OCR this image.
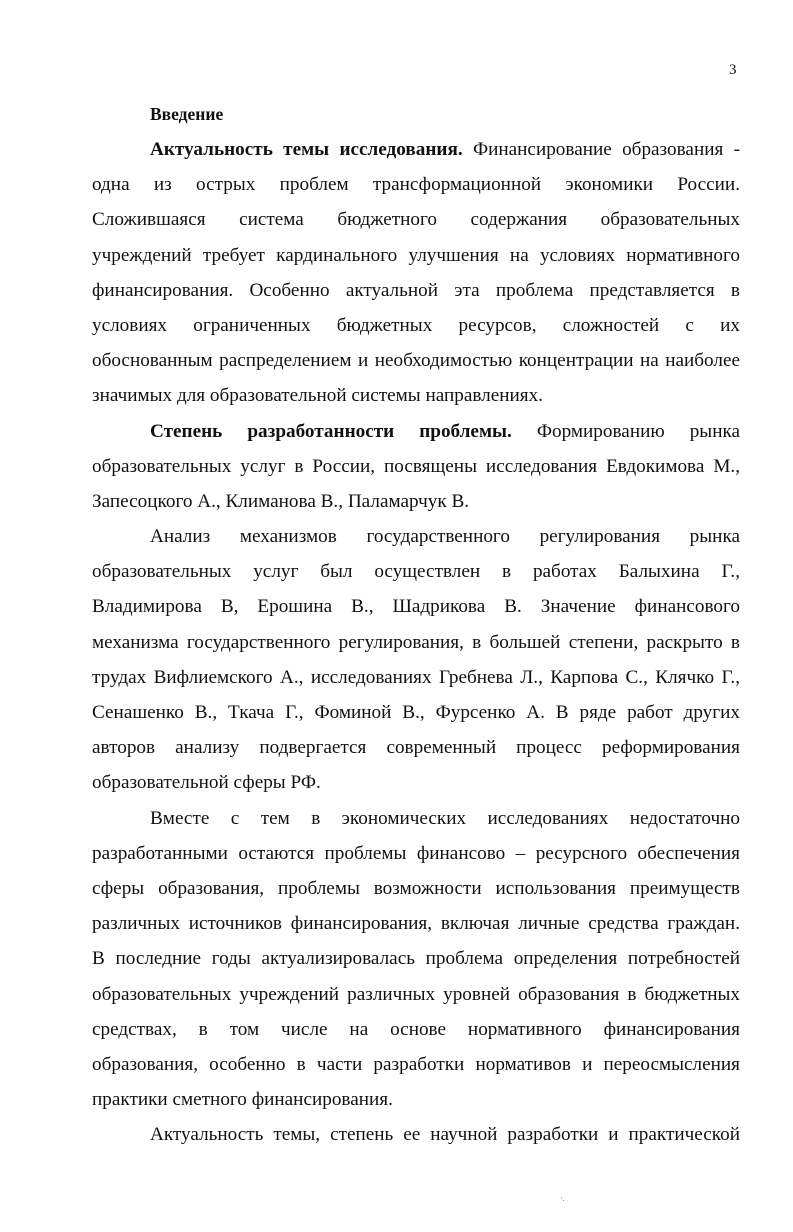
3
Введение
Актуальность темы исследования. Финансирование образования -
одна из острых проблем трансформационной экономики России.
Сложившаяся система бюджетного содержания образовательных
учреждений требует кардинального улучшения на условиях нормативного
финансирования. Особенно актуальной эта проблема представляется в
условиях ограниченных бюджетных ресурсов, сложностей с их
обоснованным распределением и необходимостью концентрации на наиболее
значимых для образовательной системы направлениях.
Степень разработанности проблемы. Формированию рынка
образовательных услуг в России, посвящены исследования Евдокимова М.,
Запесоцкого А., Климанова В., Паламарчук В.
Анализ механизмов государственного регулирования рынка
образовательных услуг был осуществлен в работах Балыхина Г.,
Владимирова В, Ерошина В., Шадрикова В. Значение финансового
механизма государственного регулирования, в большей степени, раскрыто в
трудах Вифлиемского А., исследованиях Гребнева Л., Карпова С., Клячко Г.,
Сенашенко В., Ткача Г., Фоминой В., Фурсенко А. В ряде работ других
авторов анализу подвергается современный процесс реформирования
образовательной сферы РФ.
Вместе с тем в экономических исследованиях недостаточно
разработанными остаются проблемы финансово – ресурсного обеспечения
сферы образования, проблемы возможности использования преимуществ
различных источников финансирования, включая личные средства граждан.
В последние годы актуализировалась проблема определения потребностей
образовательных учреждений различных уровней образования в бюджетных
средствах, в том числе на основе нормативного финансирования
образования, особенно в части разработки нормативов и переосмысления
практики сметного финансирования.
Актуальность темы, степень ее научной разработки и практической
·.
